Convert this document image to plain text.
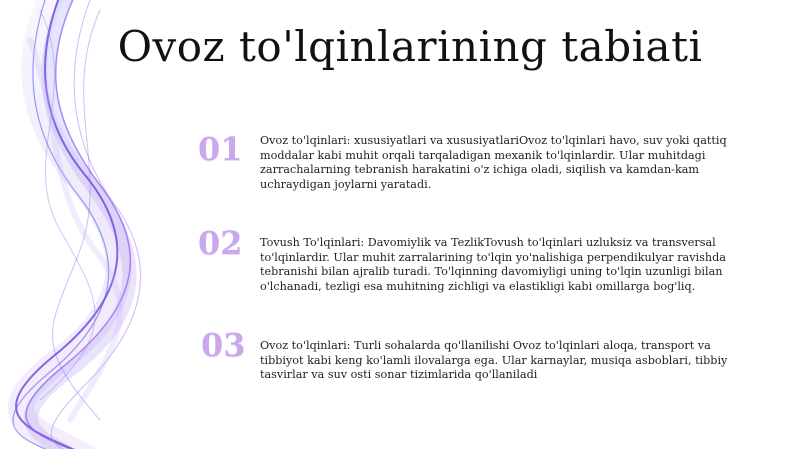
Ovoz to'lqinlarining tabiati
01 Ovoz to'lqinlari: xususiyatlari va xususiyatlariOvoz to'lqinlari havo, suv yoki qattiq moddalar kabi muhit orqali tarqaladigan mexanik to'lqinlardir. Ular muhitdagi zarrachalarning tebranish harakatini o'z ichiga oladi, siqilish va kamdan-kam uchraydigan joylarni yaratadi.
02 Tovush To'lqinlari: Davomiylik va TezlikTovush to'lqinlari uzluksiz va transversal to'lqinlardir. Ular muhit zarralarining to'lqin yo'nalishiga perpendikulyar ravishda tebranishi bilan ajralib turadi. To'lqinning davomiyligi uning to'lqin uzunligi bilan o'lchanadi, tezligi esa muhitning zichligi va elastikligi kabi omillarga bog'liq.
03 Ovoz to'lqinlari: Turli sohalarda qo'llanilishi Ovoz to'lqinlari aloqa, transport va tibbiyot kabi keng ko'lamli ilovalarga ega. Ular karnaylar, musiqa asboblari, tibbiy tasvirlar va suv osti sonar tizimlarida qo'llaniladi
